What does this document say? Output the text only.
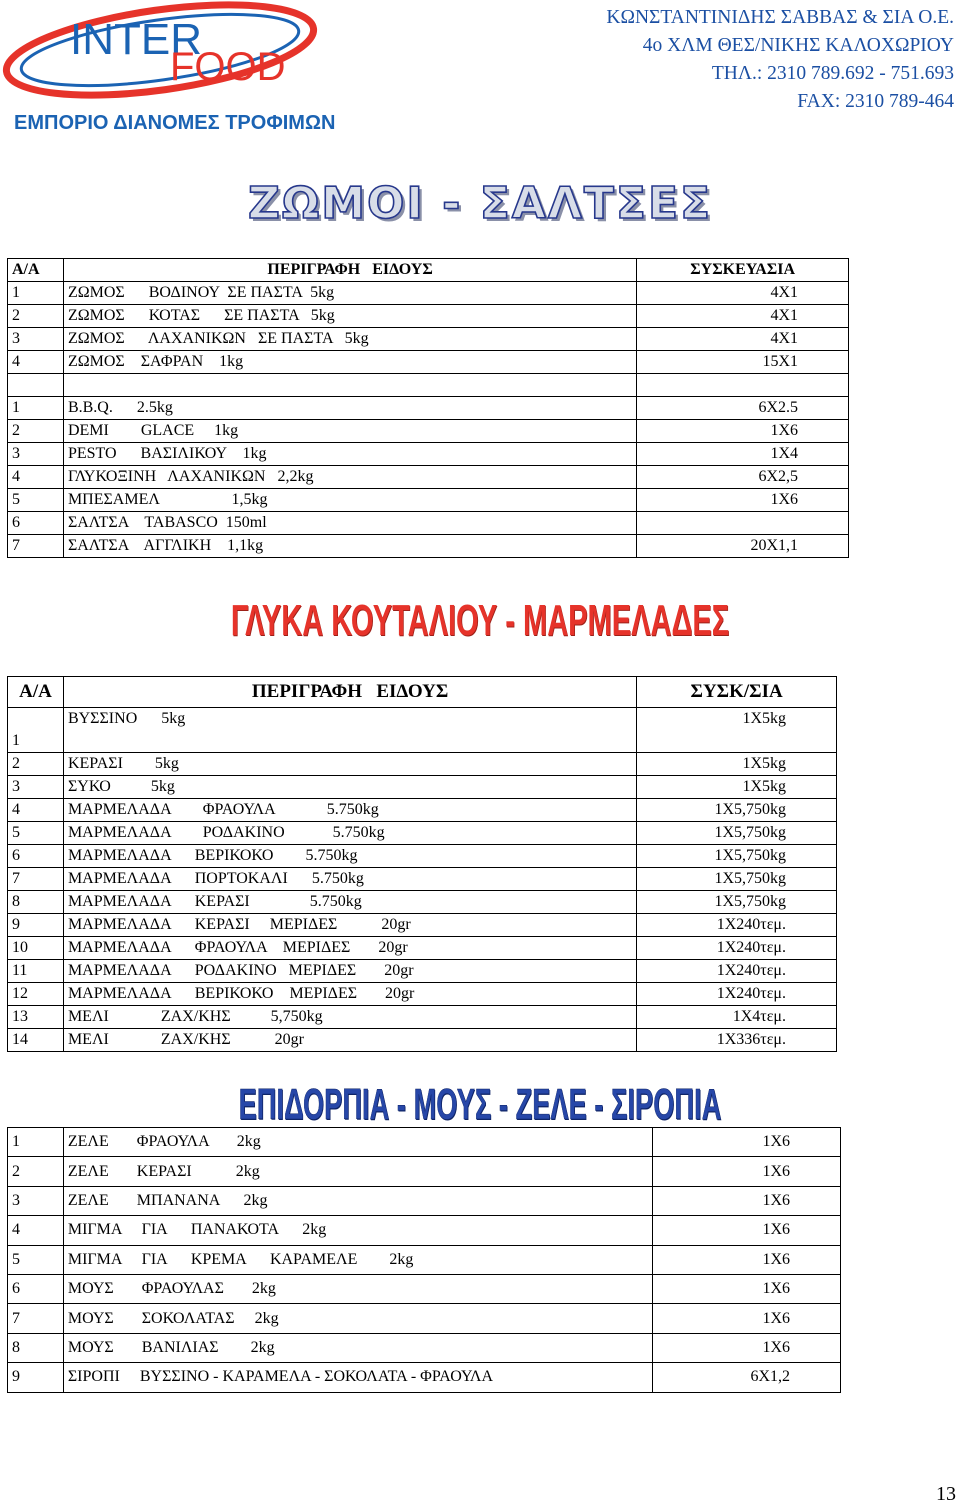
INTER
FOOD
ΕΜΠΟΡΙΟ ΔΙΑΝΟΜΕΣ ΤΡΟΦΙΜΩΝ
ΚΩΝΣΤΑΝΤΙΝΙΔΗΣ ΣΑΒΒΑΣ & ΣΙΑ Ο.Ε.
4ο ΧΛΜ ΘΕΣ/ΝΙΚΗΣ ΚΑΛΟΧΩΡΙΟΥ
ΤΗΛ.: 2310 789.692 - 751.693
FAX: 2310 789-464
ΖΩΜΟΙ - ΣΑΛΤΣΕΣ
Α/Α	ΠΕΡΙΓΡΑΦΗ   ΕΙΔΟΥΣ	ΣΥΣΚΕΥΑΣΙΑ
1	ΖΩΜΟΣ      ΒΟΔΙΝΟΥ  ΣΕ ΠΑΣΤΑ  5kg	4Χ1
2	ΖΩΜΟΣ      ΚΟΤΑΣ      ΣΕ ΠΑΣΤΑ   5kg	4Χ1
3	ΖΩΜΟΣ      ΛΑΧΑΝΙΚΩΝ   ΣΕ ΠΑΣΤΑ   5kg	4Χ1
4	ΖΩΜΟΣ    ΣΑΦΡΑΝ    1kg	15Χ1

1	B.B.Q.      2.5kg	6Χ2.5
2	DEMI        GLACE     1kg	1Χ6
3	PESTO      ΒΑΣΙΛΙΚΟΥ    1kg	1Χ4
4	ΓΛΥΚΟΞΙΝΗ   ΛΑΧΑΝΙΚΩΝ   2,2kg	6Χ2,5
5	ΜΠΕΣΑΜΕΛ                  1,5kg	1Χ6
6	ΣΑΛΤΣΑ    TABASCO  150ml	
7	ΣΑΛΤΣΑ    ΑΓΓΛΙΚΗ    1,1kg	20Χ1,1
ΓΛΥΚΑ ΚΟΥΤΑΛΙΟΥ - ΜΑΡΜΕΛΑΔΕΣ
Α/Α	ΠΕΡΙΓΡΑΦΗ   ΕΙΔΟΥΣ	ΣΥΣΚ/ΣΙΑ
1	ΒΥΣΣΙΝΟ      5kg	1Χ5kg
2	ΚΕΡΑΣΙ        5kg	1Χ5kg
3	ΣΥΚΟ          5kg	1Χ5kg
4	ΜΑΡΜΕΛΑΔΑ        ΦΡΑΟΥΛΑ             5.750kg	1Χ5,750kg
5	ΜΑΡΜΕΛΑΔΑ        ΡΟΔΑΚΙΝΟ            5.750kg	1Χ5,750kg
6	ΜΑΡΜΕΛΑΔΑ      ΒΕΡΙΚΟΚΟ        5.750kg	1Χ5,750kg
7	ΜΑΡΜΕΛΑΔΑ      ΠΟΡΤΟΚΑΛΙ      5.750kg	1Χ5,750kg
8	ΜΑΡΜΕΛΑΔΑ      ΚΕΡΑΣΙ               5.750kg	1Χ5,750kg
9	ΜΑΡΜΕΛΑΔΑ      ΚΕΡΑΣΙ     ΜΕΡΙΔΕΣ           20gr	1Χ240τεμ.
10	ΜΑΡΜΕΛΑΔΑ      ΦΡΑΟΥΛΑ    ΜΕΡΙΔΕΣ       20gr	1Χ240τεμ.
11	ΜΑΡΜΕΛΑΔΑ      ΡΟΔΑΚΙΝΟ   ΜΕΡΙΔΕΣ       20gr	1Χ240τεμ.
12	ΜΑΡΜΕΛΑΔΑ      ΒΕΡΙΚΟΚΟ    ΜΕΡΙΔΕΣ       20gr	1Χ240τεμ.
13	ΜΕΛΙ             ΖΑΧ/ΚΗΣ          5,750kg	1Χ4τεμ.
14	ΜΕΛΙ             ΖΑΧ/ΚΗΣ           20gr	1Χ336τεμ.
ΕΠΙΔΟΡΠΙΑ - ΜΟΥΣ - ΖΕΛΕ - ΣΙΡΟΠΙΑ
1	ΖΕΛΕ       ΦΡΑΟΥΛΑ       2kg	1Χ6
2	ΖΕΛΕ       ΚΕΡΑΣΙ           2kg	1Χ6
3	ΖΕΛΕ       ΜΠΑΝΑΝΑ      2kg	1Χ6
4	ΜΙΓΜΑ     ΓΙΑ      ΠΑΝΑΚΟΤΑ      2kg	1Χ6
5	ΜΙΓΜΑ     ΓΙΑ      ΚΡΕΜΑ      ΚΑΡΑΜΕΛΕ        2kg	1Χ6
6	ΜΟΥΣ       ΦΡΑΟΥΛΑΣ       2kg	1Χ6
7	ΜΟΥΣ       ΣΟΚΟΛΑΤΑΣ     2kg	1Χ6
8	ΜΟΥΣ       ΒΑΝΙΛΙΑΣ        2kg	1Χ6
9	ΣΙΡΟΠΙ     ΒΥΣΣΙΝΟ - ΚΑΡΑΜΕΛΑ - ΣΟΚΟΛΑΤΑ - ΦΡΑΟΥΛΑ	6Χ1,2
13
